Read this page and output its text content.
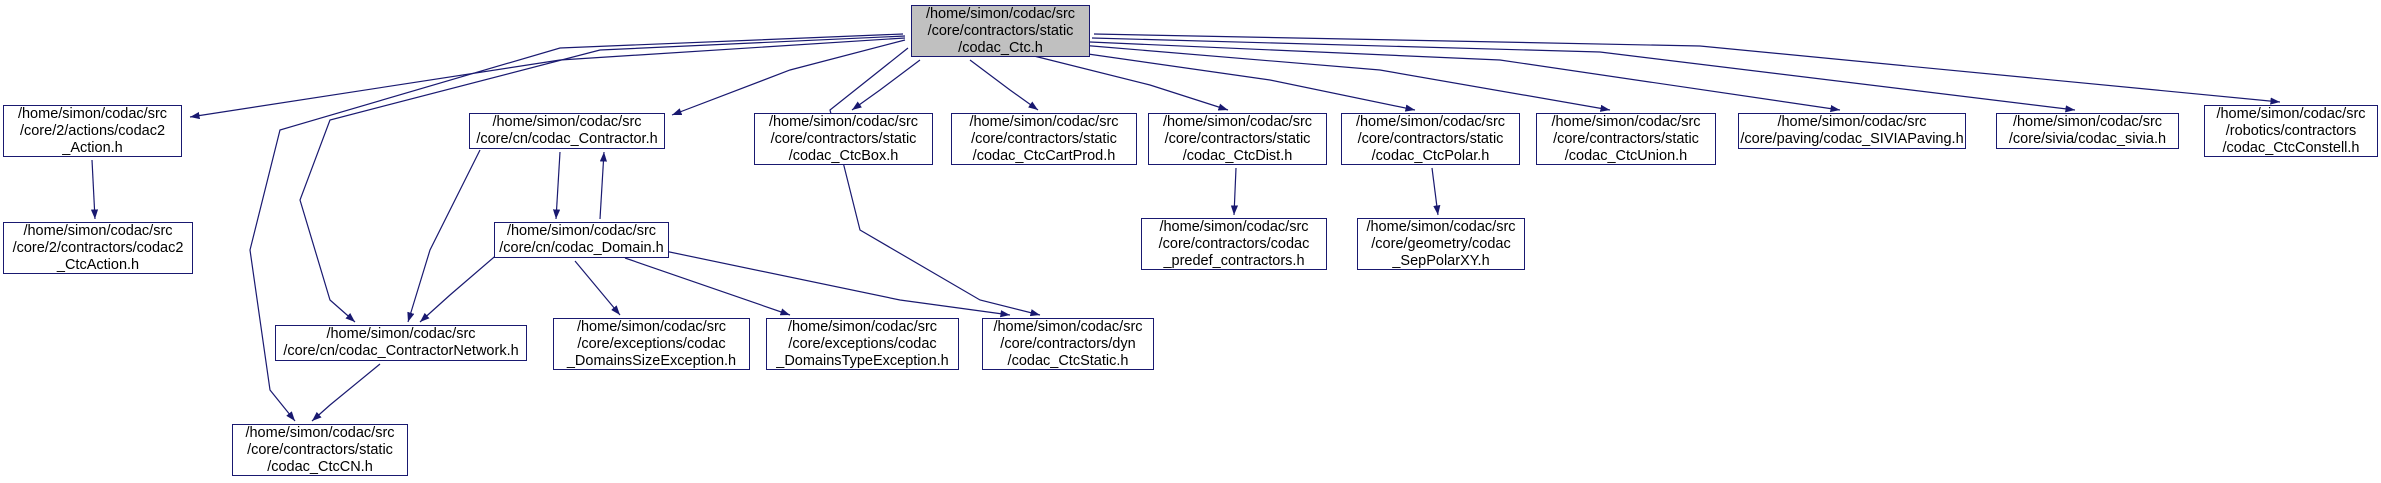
/home/simon/codac/src
/core/contractors/static
/codac_Ctc.h
/home/simon/codac/src
/core/2/actions/codac2
_Action.h
/home/simon/codac/src
/core/2/contractors/codac2
_CtcAction.h
/home/simon/codac/src
/core/cn/codac_Contractor.h
/home/simon/codac/src
/core/cn/codac_Domain.h
/home/simon/codac/src
/core/contractors/static
/codac_CtcBox.h
/home/simon/codac/src
/core/contractors/static
/codac_CtcCartProd.h
/home/simon/codac/src
/core/contractors/static
/codac_CtcDist.h
/home/simon/codac/src
/core/contractors/static
/codac_CtcPolar.h
/home/simon/codac/src
/core/contractors/static
/codac_CtcUnion.h
/home/simon/codac/src
/core/paving/codac_SIVIAPaving.h
/home/simon/codac/src
/core/sivia/codac_sivia.h
/home/simon/codac/src
/robotics/contractors
/codac_CtcConstell.h
/home/simon/codac/src
/core/contractors/codac
_predef_contractors.h
/home/simon/codac/src
/core/geometry/codac
_SepPolarXY.h
/home/simon/codac/src
/core/cn/codac_ContractorNetwork.h
/home/simon/codac/src
/core/exceptions/codac
_DomainsSizeException.h
/home/simon/codac/src
/core/exceptions/codac
_DomainsTypeException.h
/home/simon/codac/src
/core/contractors/dyn
/codac_CtcStatic.h
/home/simon/codac/src
/core/contractors/static
/codac_CtcCN.h
